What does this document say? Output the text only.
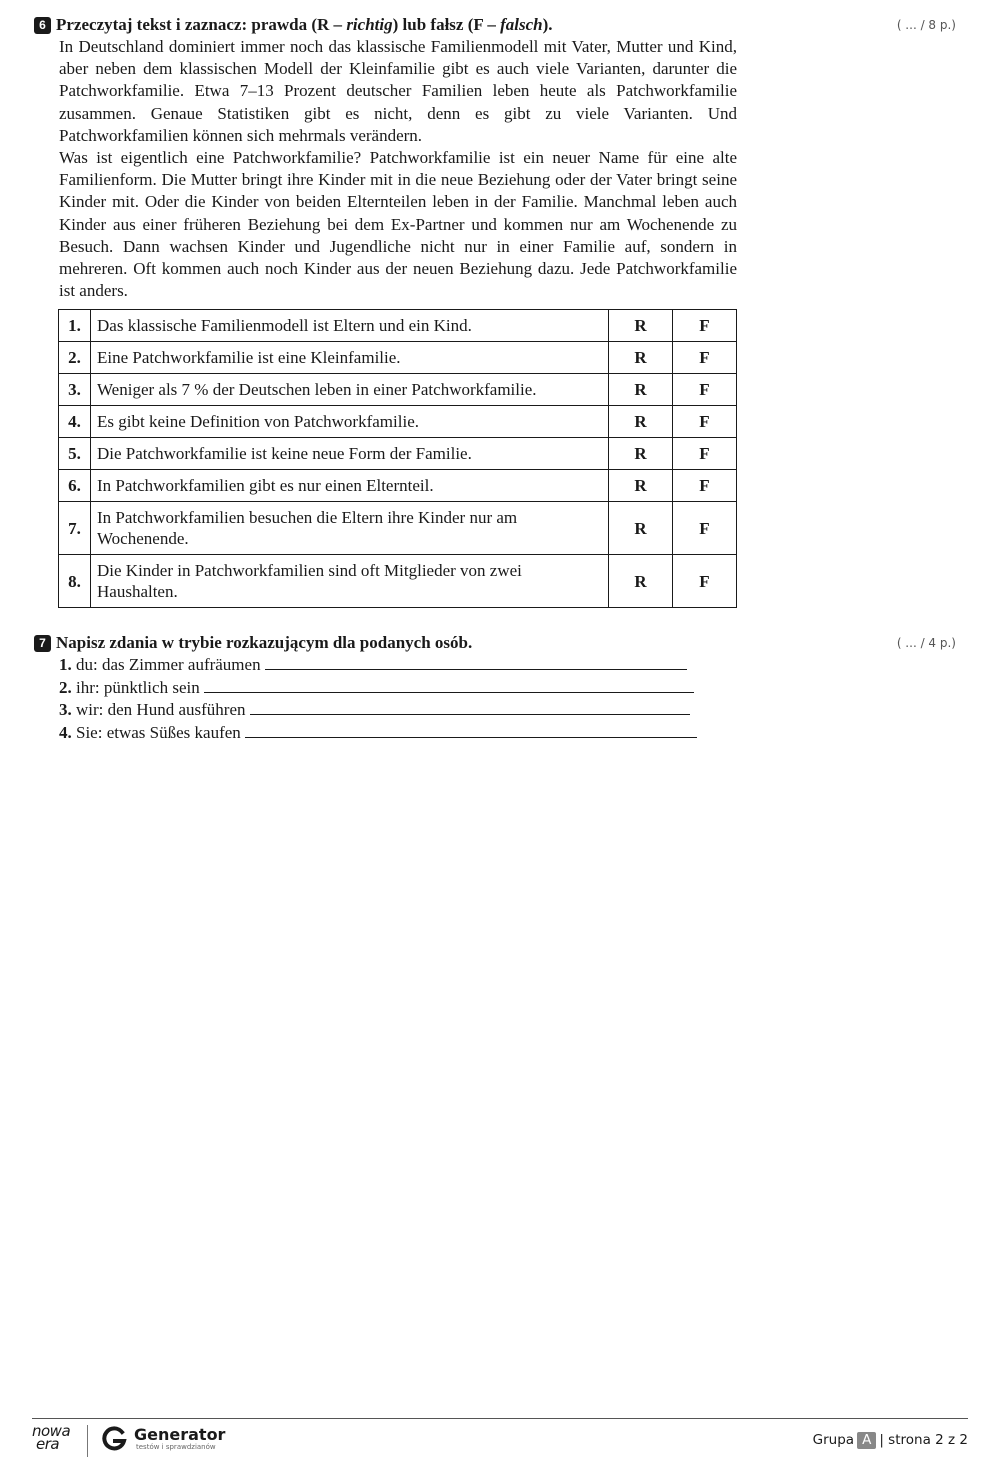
6 Przeczytaj tekst i zaznacz: prawda (R – richtig) lub fałsz (F – falsch).	( ... / 8 p.)

In Deutschland dominiert immer noch das klassische Familienmodell mit Vater, Mutter und Kind, aber neben dem klassischen Modell der Kleinfamilie gibt es auch viele Varianten, darunter die Patchworkfamilie. Etwa 7–13 Prozent deutscher Familien leben heute als Patchworkfamilie zusammen. Genaue Statistiken gibt es nicht, denn es gibt zu viele Varianten. Und Patchworkfamilien können sich mehrmals verändern.

Was ist eigentlich eine Patchworkfamilie? Patchworkfamilie ist ein neuer Name für eine alte Familienform. Die Mutter bringt ihre Kinder mit in die neue Beziehung oder der Vater bringt seine Kinder mit. Oder die Kinder von beiden Elternteilen leben in der Familie. Manchmal leben auch Kinder aus einer früheren Beziehung bei dem Ex-Partner und kommen nur am Wochenende zu Besuch. Dann wachsen Kinder und Jugendliche nicht nur in einer Familie auf, sondern in mehreren. Oft kommen auch noch Kinder aus der neuen Beziehung dazu. Jede Patchworkfamilie ist anders.

1.	Das klassische Familienmodell ist Eltern und ein Kind.	R	F
2.	Eine Patchworkfamilie ist eine Kleinfamilie.	R	F
3.	Weniger als 7 % der Deutschen leben in einer Patchworkfamilie.	R	F
4.	Es gibt keine Definition von Patchworkfamilie.	R	F
5.	Die Patchworkfamilie ist keine neue Form der Familie.	R	F
6.	In Patchworkfamilien gibt es nur einen Elternteil.	R	F
7.	In Patchworkfamilien besuchen die Eltern ihre Kinder nur am Wochenende.	R	F
8.	Die Kinder in Patchworkfamilien sind oft Mitglieder von zwei Haushalten.	R	F
7 Napisz zdania w trybie rozkazującym dla podanych osób.	( ... / 4 p.)
1. du: das Zimmer aufräumen
2. ihr: pünktlich sein
3. wir: den Hund ausführen
4. Sie: etwas Süßes kaufen
nowa
era	Generator
testów i sprawdzianów	Grupa A | strona 2 z 2
